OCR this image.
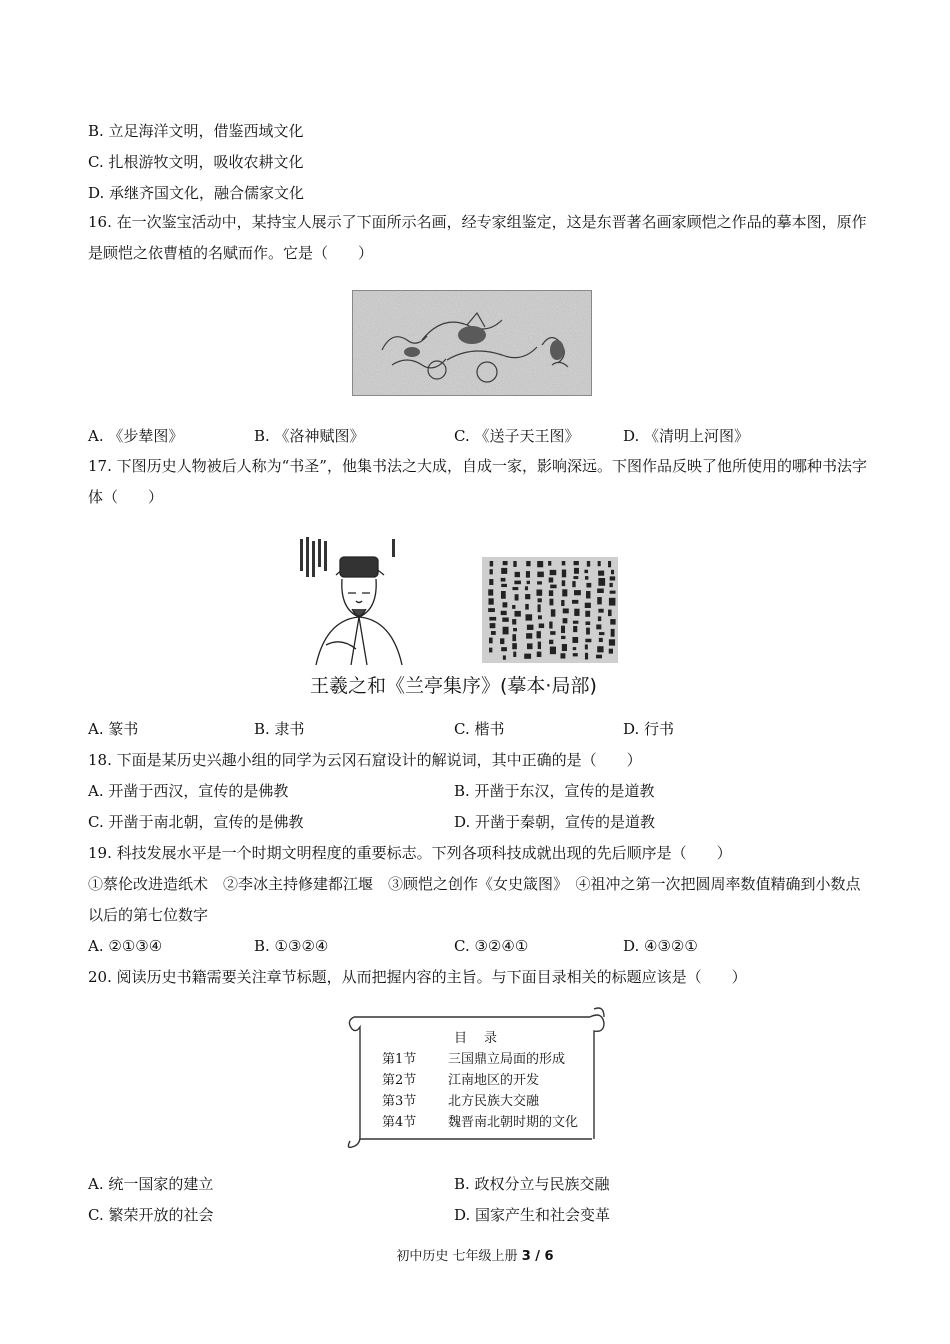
B. 立足海洋文明，借鉴西域文化
C. 扎根游牧文明，吸收农耕文化
D. 承继齐国文化，融合儒家文化
16. 在一次鉴宝活动中，某持宝人展示了下面所示名画，经专家组鉴定，这是东晋著名画家顾恺之作品的摹本图，原作是顾恺之依曹植的名赋而作。它是（　　）
A. 《步辇图》	B. 《洛神赋图》	C. 《送子天王图》	D. 《清明上河图》
17. 下图历史人物被后人称为“书圣”，他集书法之大成，自成一家，影响深远。下图作品反映了他所使用的哪种书法字体（　　）
王羲之和《兰亭集序》(摹本·局部)
A. 篆书	B. 隶书	C. 楷书	D. 行书
18. 下面是某历史兴趣小组的同学为云冈石窟设计的解说词，其中正确的是（　　）
A. 开凿于西汉，宣传的是佛教	B. 开凿于东汉，宣传的是道教
C. 开凿于南北朝，宣传的是佛教	D. 开凿于秦朝，宣传的是道教
19. 科技发展水平是一个时期文明程度的重要标志。下列各项科技成就出现的先后顺序是（　　）
①蔡伦改进造纸术　②李冰主持修建都江堰　③顾恺之创作《女史箴图》　④祖冲之第一次把圆周率数值精确到小数点以后的第七位数字
A. ②①③④	B. ①③②④	C. ③②④①	D. ④③②①
20. 阅读历史书籍需要关注章节标题，从而把握内容的主旨。与下面目录相关的标题应该是（　　）
目　录
第1节 三国鼎立局面的形成
第2节 江南地区的开发
第3节 北方民族大交融
第4节 魏晋南北朝时期的文化
A. 统一国家的建立	B. 政权分立与民族交融
C. 繁荣开放的社会	D. 国家产生和社会变革
初中历史 七年级上册 3 / 6
